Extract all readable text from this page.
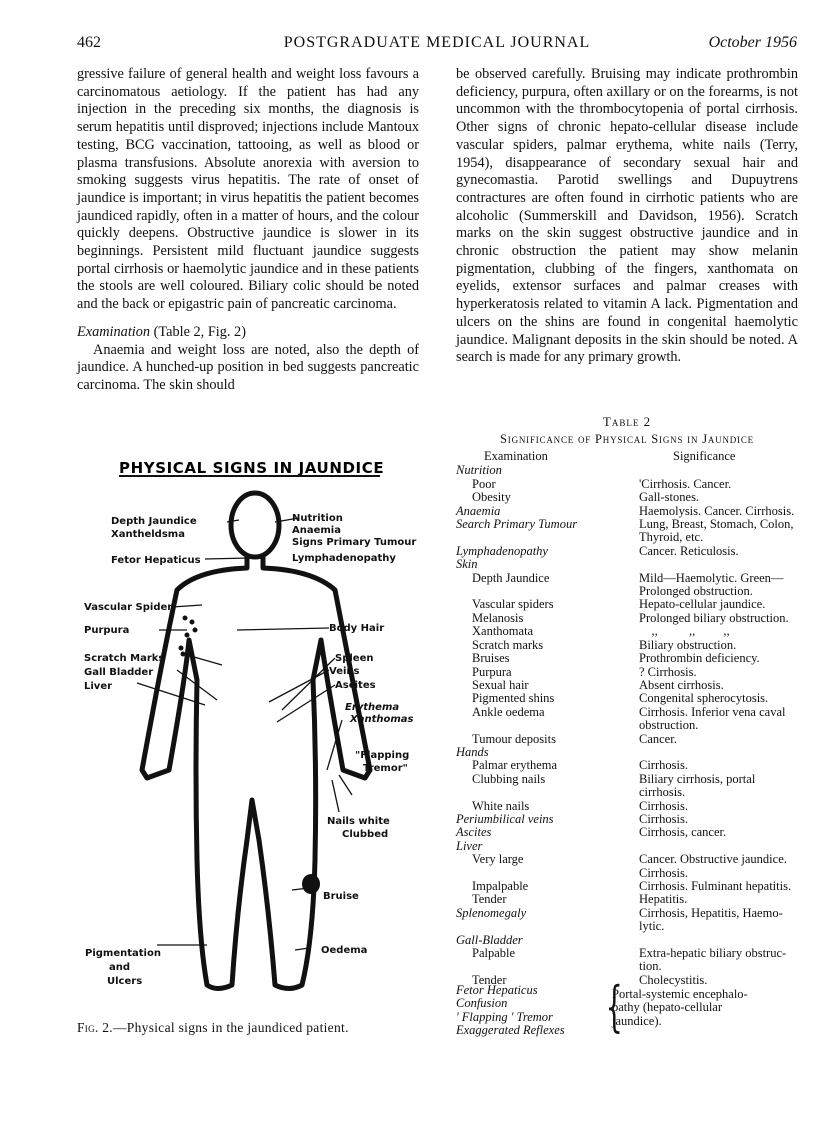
462	POSTGRADUATE MEDICAL JOURNAL	October 1956

gressive failure of general health and weight loss favours a carcinomatous aetiology. If the patient has had any injection in the preceding six months, the diagnosis is serum hepatitis until disproved; injections include Mantoux testing, BCG vaccination, tattooing, as well as blood or plasma transfusions. Absolute anorexia with aversion to smoking suggests virus hepatitis. The rate of onset of jaundice is important; in virus hepatitis the patient becomes jaundiced rapidly, often in a matter of hours, and the colour quickly deepens. Obstructive jaundice is slower in its beginnings. Persistent mild fluctuant jaundice suggests portal cirrhosis or haemolytic jaundice and in these patients the stools are well coloured. Biliary colic should be noted and the back or epigastric pain of pancreatic carcinoma.

Examination (Table 2, Fig. 2)

Anaemia and weight loss are noted, also the depth of jaundice. A hunched-up position in bed suggests pancreatic carcinoma. The skin should

be observed carefully. Bruising may indicate prothrombin deficiency, purpura, often axillary or on the forearms, is not uncommon with the thrombocytopenia of portal cirrhosis. Other signs of chronic hepato-cellular disease include vascular spiders, palmar erythema, white nails (Terry, 1954), disappearance of secondary sexual hair and gynecomastia. Parotid swellings and Dupuytrens contractures are often found in cirrhotic patients who are alcoholic (Summerskill and Davidson, 1956). Scratch marks on the skin suggest obstructive jaundice and in chronic obstruction the patient may show melanin pigmentation, clubbing of the fingers, xanthomata on eyelids, extensor surfaces and palmar creases with hyperkeratosis related to vitamin A lack. Pigmentation and ulcers on the shins are found in congenital haemolytic jaundice. Malignant deposits in the skin should be noted. A search is made for any primary growth.

PHYSICAL SIGNS IN JAUNDICE
Depth Jaundice
Xantheldsma
Fetor Hepaticus
Nutrition
Anaemia
Signs Primary Tumour
Lymphadenopathy
Vascular Spider
Purpura	Body Hair
Scratch Marks
Gall Bladder
Liver
Spleen
Veins
Ascites
Erythema
Xanthomas
"Flapping
Tremor"
Nails white
Clubbed
Bruise
Oedema
Pigmentation
and
Ulcers
Fig. 2.—Physical signs in the jaundiced patient.
Table 2
Significance of Physical Signs in Jaundice
Examination	Significance
Nutrition	
Poor	'Cirrhosis. Cancer.
Obesity	Gall-stones.
Anaemia	Haemolysis. Cancer. Cirrhosis.
Search Primary Tumour	Lung, Breast, Stomach, Colon,
	Thyroid, etc.
Lymphadenopathy	Cancer. Reticulosis.
Skin	
Depth Jaundice	Mild—Haemolytic. Green—
	Prolonged obstruction.
Vascular spiders	Hepato-cellular jaundice.
Melanosis	Prolonged biliary obstruction.
Xanthomata	,,          ,,         ,,
Scratch marks	Biliary obstruction.
Bruises	Prothrombin deficiency.
Purpura	? Cirrhosis.
Sexual hair	Absent cirrhosis.
Pigmented shins	Congenital spherocytosis.
Ankle oedema	Cirrhosis. Inferior vena caval
	obstruction.
Tumour deposits	Cancer.
Hands	
Palmar erythema	Cirrhosis.
Clubbing nails	Biliary cirrhosis, portal
	cirrhosis.
White nails	Cirrhosis.
Periumbilical veins	Cirrhosis.
Ascites	Cirrhosis, cancer.
Liver	
Very large	Cancer. Obstructive jaundice.
	Cirrhosis.
Impalpable	Cirrhosis. Fulminant hepatitis.
Tender	Hepatitis.
Splenomegaly	Cirrhosis, Hepatitis, Haemo-
	lytic.
Gall-Bladder	
Palpable	Extra-hepatic biliary obstruc-
	tion.
Tender	Cholecystitis.
Fetor Hepaticus
Confusion
' Flapping ' Tremor
Exaggerated Reflexes {
Portal-systemic encephalo-
pathy (hepato-cellular
jaundice).
